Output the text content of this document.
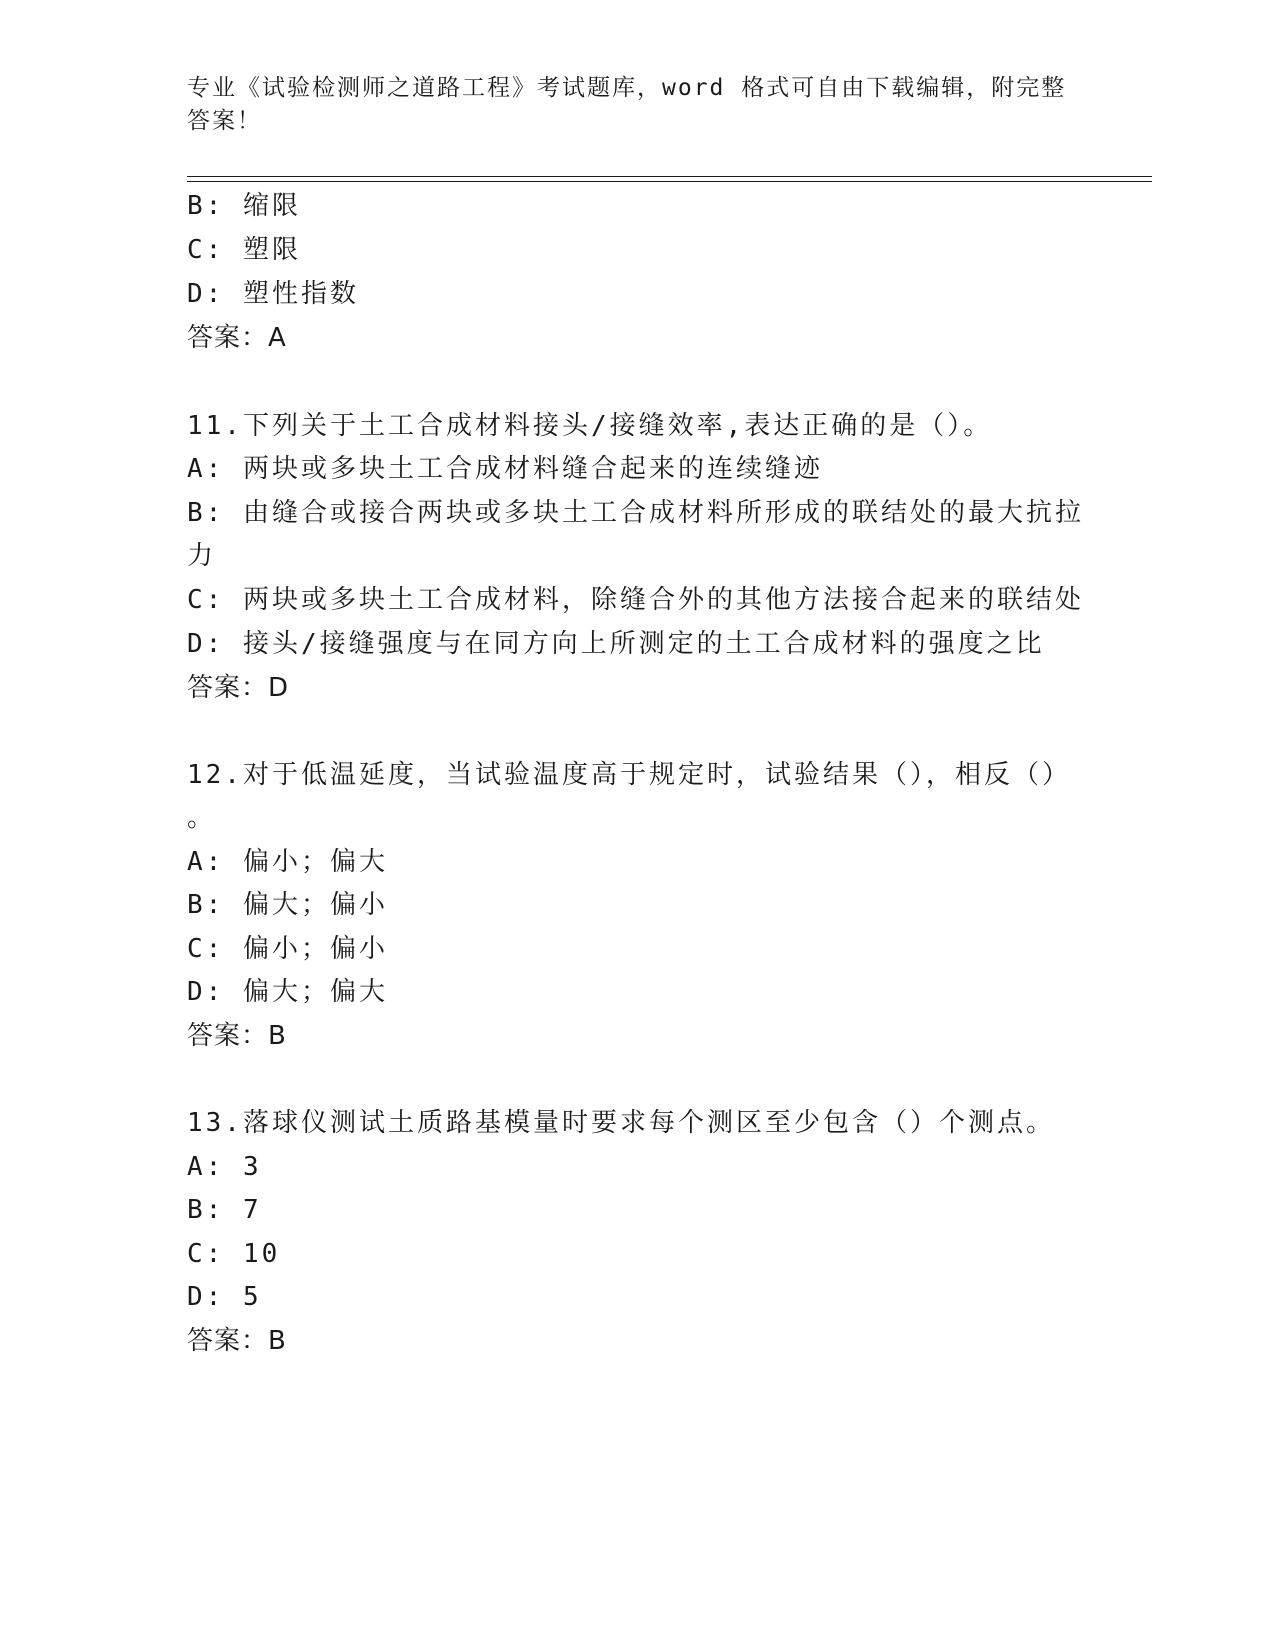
专业《试验检测师之道路工程》考试题库，word 格式可自由下载编辑，附完整答案！
B: 缩限
C: 塑限
D: 塑性指数
答案：A
11.下列关于土工合成材料接头/接缝效率,表达正确的是（）。
A: 两块或多块土工合成材料缝合起来的连续缝迹
B: 由缝合或接合两块或多块土工合成材料所形成的联结处的最大抗拉
力
C: 两块或多块土工合成材料，除缝合外的其他方法接合起来的联结处
D: 接头/接缝强度与在同方向上所测定的土工合成材料的强度之比
答案：D
12.对于低温延度，当试验温度高于规定时，试验结果（），相反（）
。
A: 偏小；偏大
B: 偏大；偏小
C: 偏小；偏小
D: 偏大；偏大
答案：B
13.落球仪测试土质路基模量时要求每个测区至少包含（）个测点。
A: 3
B: 7
C: 10
D: 5
答案：B
